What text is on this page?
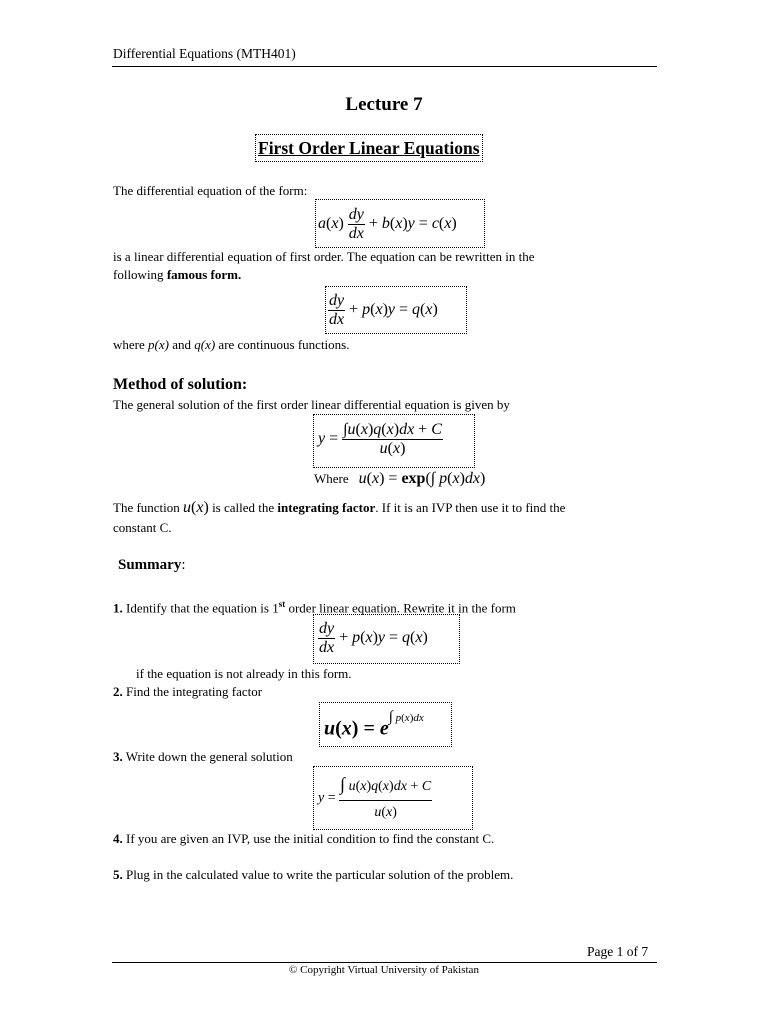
Differential Equations (MTH401)
Lecture 7
First Order Linear Equations
The differential equation of the form:
$a(x) \frac{dy}{dx} + b(x)y = c(x)$
is a linear differential equation of first order. The equation can be rewritten in the
following famous form.
$\frac{dy}{dx} + p(x)y = q(x)$
where p(x) and q(x) are continuous functions.
Method of solution:
The general solution of the first order linear differential equation is given by
$y = \frac{\int u(x)q(x)dx + C}{u(x)}$
Where u(x) = exp(∫ p(x)dx)
The function u(x) is called the integrating factor. If it is an IVP then use it to find the
constant C.
Summary:
1. Identify that the equation is 1st order linear equation. Rewrite it in the form
$\frac{dy}{dx} + p(x)y = q(x)$
if the equation is not already in this form.
2. Find the integrating factor
$u(x) = e^{\int p(x)dx}$
3. Write down the general solution
$y = \frac{\int u(x)q(x)dx + C}{u(x)}$
4. If you are given an IVP, use the initial condition to find the constant C.
5. Plug in the calculated value to write the particular solution of the problem.
Page 1 of 7
© Copyright Virtual University of Pakistan
